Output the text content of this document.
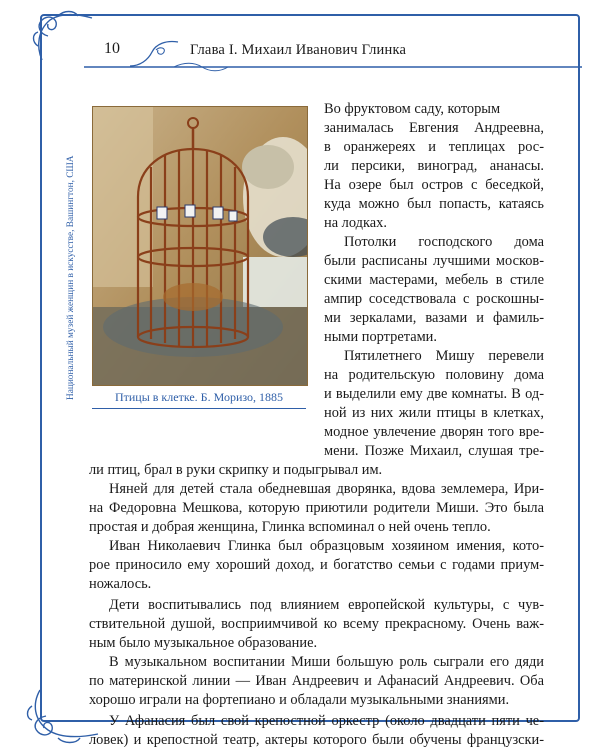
10	Глава I. Михаил Иванович Глинка
Национальный музей женщин в искусстве, Вашингтон, США	Птицы в клетке. Б. Моризо, 1885
Во фруктовом саду, которым
занималась Евгения Андреевна,
в оранжереях и теплицах рос-
ли персики, виноград, ананасы.
На озере был остров с беседкой,
куда можно был попасть, катаясь
на лодках.
Потолки господского дома
были расписаны лучшими москов-
скими мастерами, мебель в стиле
ампир соседствовала с роскошны-
ми зеркалами, вазами и фамиль-
ными портретами.
Пятилетнего Мишу перевели
на родительскую половину дома
и выделили ему две комнаты. В од-
ной из них жили птицы в клетках,
модное увлечение дворян того вре-
мени. Позже Михаил, слушая тре-
ли птиц, брал в руки скрипку и подыгрывал им.
Няней для детей стала обедневшая дворянка, вдова землемера, Ири-
на Федоровна Мешкова, которую приютили родители Миши. Это была
простая и добрая женщина, Глинка вспоминал о ней очень тепло.
Иван Николаевич Глинка был образцовым хозяином имения, кото-
рое приносило ему хороший доход, и богатство семьи с годами приум-
ножалось.
Дети воспитывались под влиянием европейской культуры, с чув-
ствительной душой, восприимчивой ко всему прекрасному. Очень важ-
ным было музыкальное образование.
В музыкальном воспитании Миши большую роль сыграли его дяди
по материнской линии — Иван Андреевич и Афанасий Андреевич. Оба
хорошо играли на фортепиано и обладали музыкальными знаниями.
У Афанасия был свой крепостной оркестр (около двадцати пяти че-
ловек) и крепостной театр, актеры которого были обучены французски-
